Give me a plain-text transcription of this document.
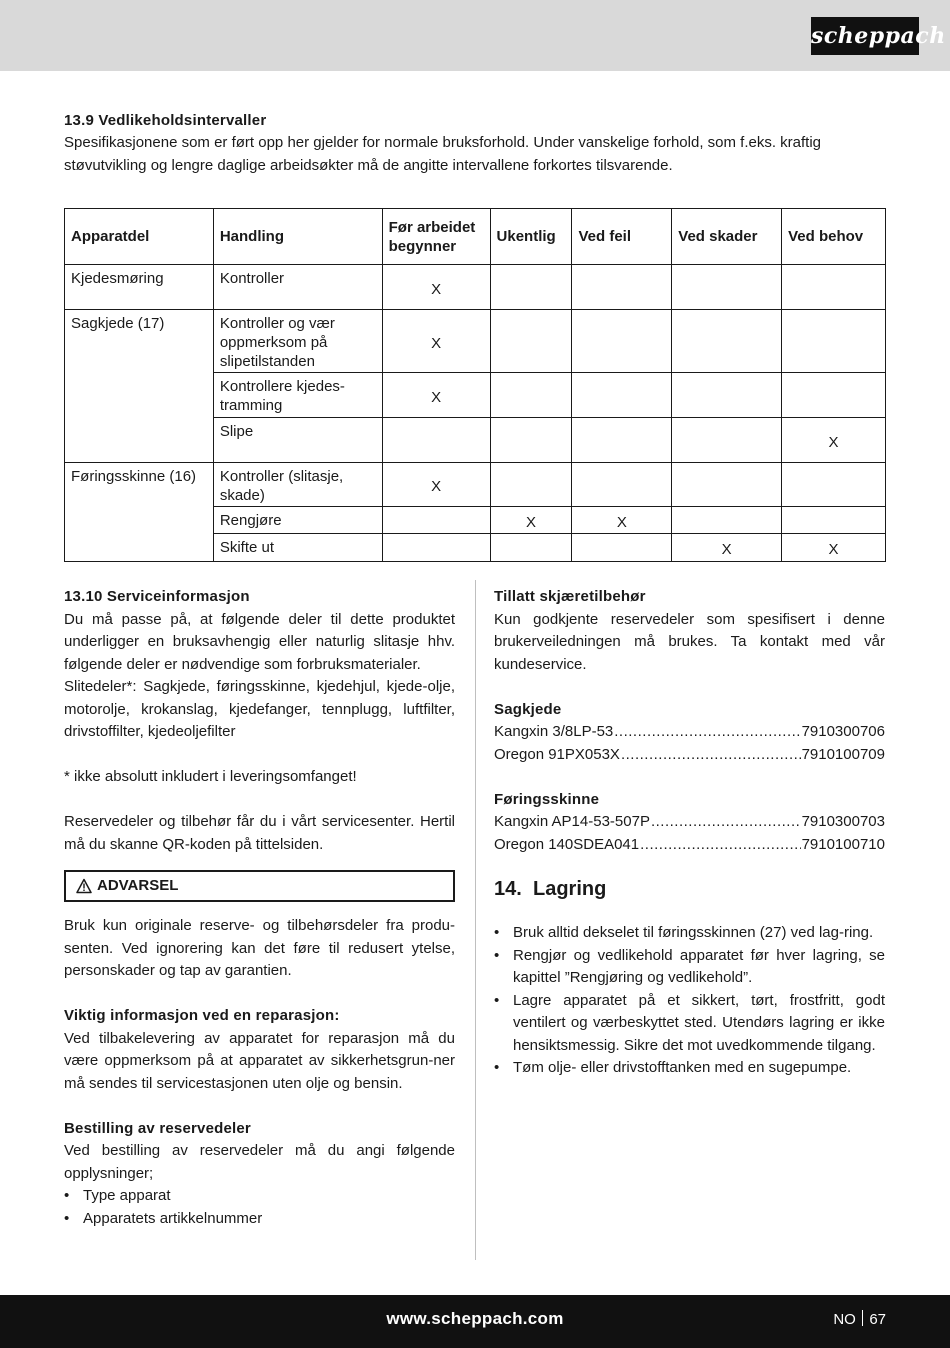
scheppach
13.9 Vedlikeholdsintervaller

Spesifikasjonene som er ført opp her gjelder for normale bruksforhold. Under vanskelige forhold, som f.eks. kraftig

støvutvikling og lengre daglige arbeidsøkter må de angitte intervallene forkortes tilsvarende.

Apparatdel	Handling	Før arbeidet begynner	Ukentlig	Ved feil	Ved skader	Ved behov
Kjedesmøring	Kontroller	X				
Sagkjede (17)	Kontroller og vær oppmerksom på slipetilstanden	X				
	Kontrollere kjedes-tramming	X				
	Slipe					X
Føringsskinne (16)	Kontroller (slitasje, skade)	X				
	Rengjøre		X	X		
	Skifte ut				X	X
13.10 Serviceinformasjon

Du må passe på, at følgende deler til dette produktet underligger en bruksavhengig eller naturlig slitasje hhv. følgende deler er nødvendige som forbruksmaterialer.

Slitedeler*: Sagkjede, føringsskinne, kjedehjul, kjede-olje, motorolje, krokanslag, kjedefanger, tennplugg, luftfilter, drivstoffilter, kjedeoljefilter

* ikke absolutt inkludert i leveringsomfanget!

Reservedeler og tilbehør får du i vårt servicesenter. Hertil må du skanne QR-koden på tittelsiden.

ADVARSEL

Bruk kun originale reserve- og tilbehørsdeler fra produ-senten. Ved ignorering kan det føre til redusert ytelse, personskader og tap av garantien.

Viktig informasjon ved en reparasjon:

Ved tilbakelevering av apparatet for reparasjon må du være oppmerksom på at apparatet av sikkerhetsgrun-ner må sendes til servicestasjonen uten olje og bensin.

Bestilling av reservedeler

Ved bestilling av reservedeler må du angi følgende opplysninger;

• Type apparat
• Apparatets artikkelnummer
Tillatt skjæretilbehør

Kun godkjente reservedeler som spesifisert i denne brukerveiledningen må brukes. Ta kontakt med vår kundeservice.

Sagkjede
Kangxin 3/8LP-53 .....	7910300706
Oregon 91PX053X .....	7910100709
Føringsskinne
Kangxin AP14-53-507P .....	7910300703
Oregon 140SDEA041 .....	7910100710
14. Lagring
• Bruk alltid dekselet til føringsskinnen (27) ved lag-ring.
• Rengjør og vedlikehold apparatet før hver lagring, se kapittel ”Rengjøring og vedlikehold”.
• Lagre apparatet på et sikkert, tørt, frostfritt, godt ventilert og værbeskyttet sted. Utendørs lagring er ikke hensiktsmessig. Sikre det mot uvedkommende tilgang.
• Tøm olje- eller drivstofftanken med en sugepumpe.
www.scheppach.com	NO 67
